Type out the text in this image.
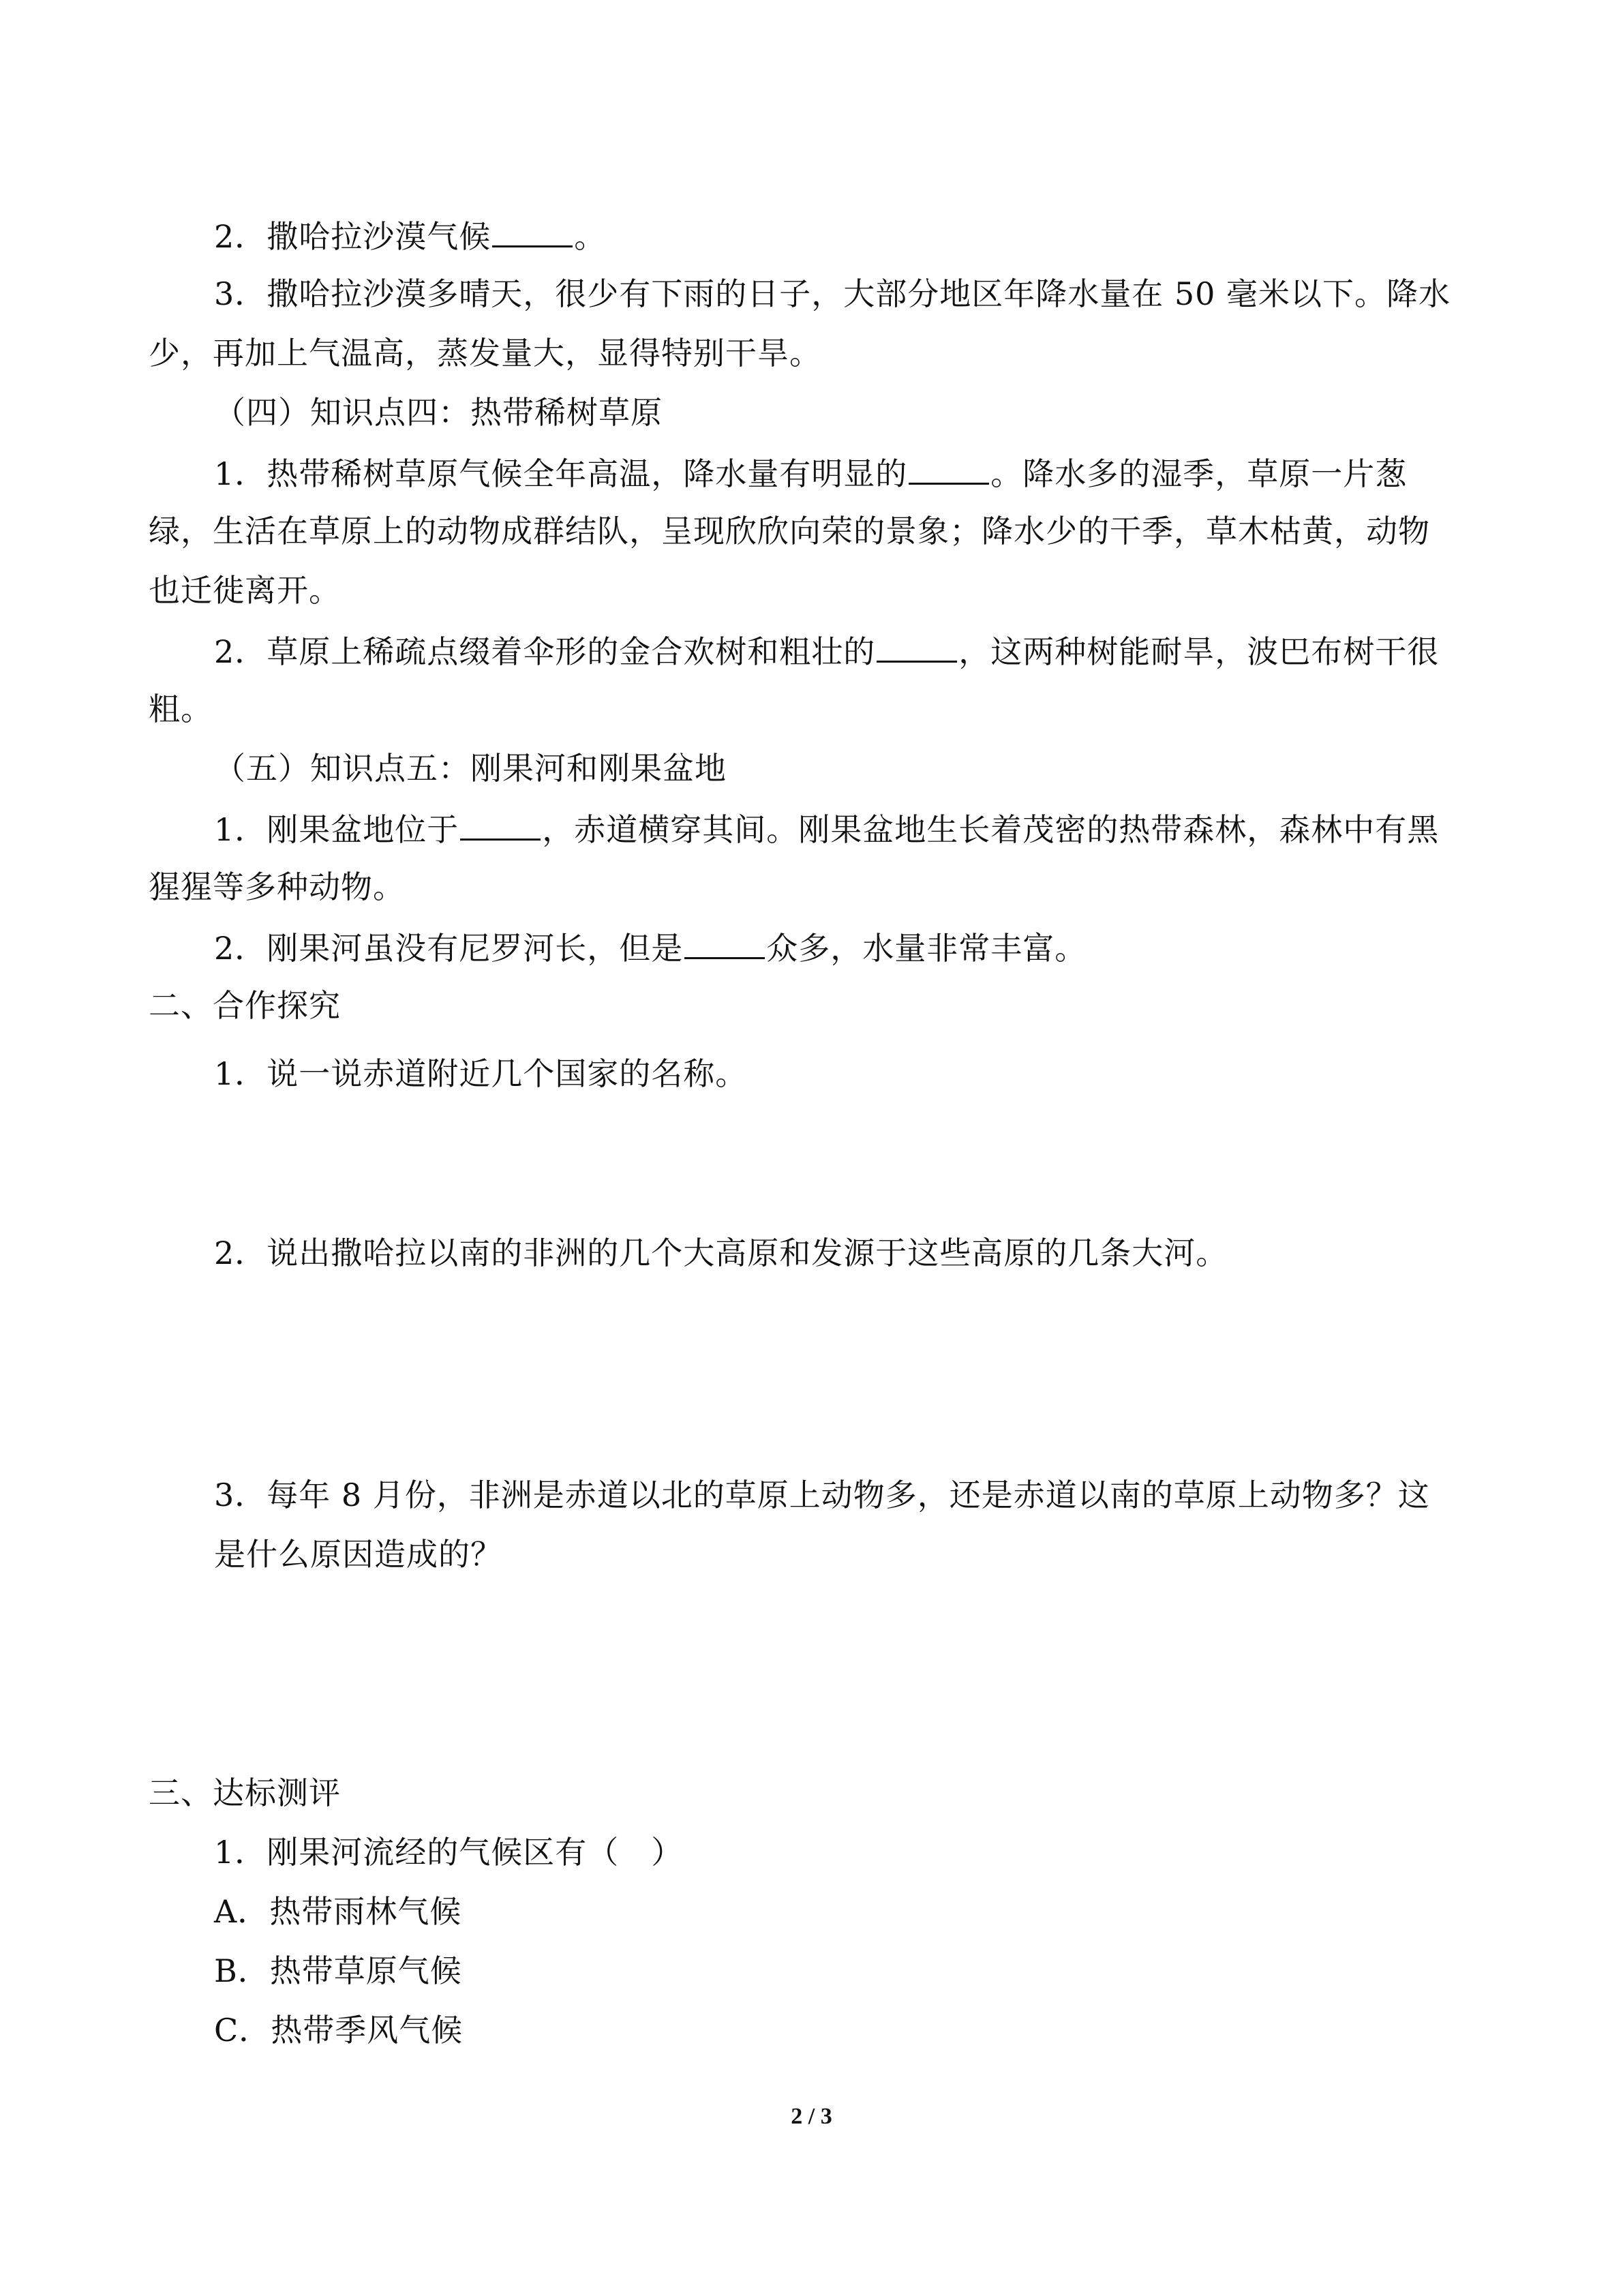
2．撒哈拉沙漠气候	。
3．撒哈拉沙漠多晴天，很少有下雨的日子，大部分地区年降水量在 50 毫米以下。降水
少，再加上气温高，蒸发量大，显得特别干旱。
（四）知识点四：热带稀树草原
1．热带稀树草原气候全年高温，降水量有明显的	。降水多的湿季，草原一片葱
绿，生活在草原上的动物成群结队，呈现欣欣向荣的景象；降水少的干季，草木枯黄，动物
也迁徙离开。
2．草原上稀疏点缀着伞形的金合欢树和粗壮的	，这两种树能耐旱，波巴布树干很
粗。
（五）知识点五：刚果河和刚果盆地
1．刚果盆地位于	，赤道横穿其间。刚果盆地生长着茂密的热带森林，森林中有黑
猩猩等多种动物。
2．刚果河虽没有尼罗河长，但是	众多，水量非常丰富。
二、合作探究
1．说一说赤道附近几个国家的名称。
2．说出撒哈拉以南的非洲的几个大高原和发源于这些高原的几条大河。
3．每年 8 月份，非洲是赤道以北的草原上动物多，还是赤道以南的草原上动物多？这
是什么原因造成的？
三、达标测评
1．刚果河流经的气候区有（　）
A．热带雨林气候
B．热带草原气候
C．热带季风气候
2 / 3
